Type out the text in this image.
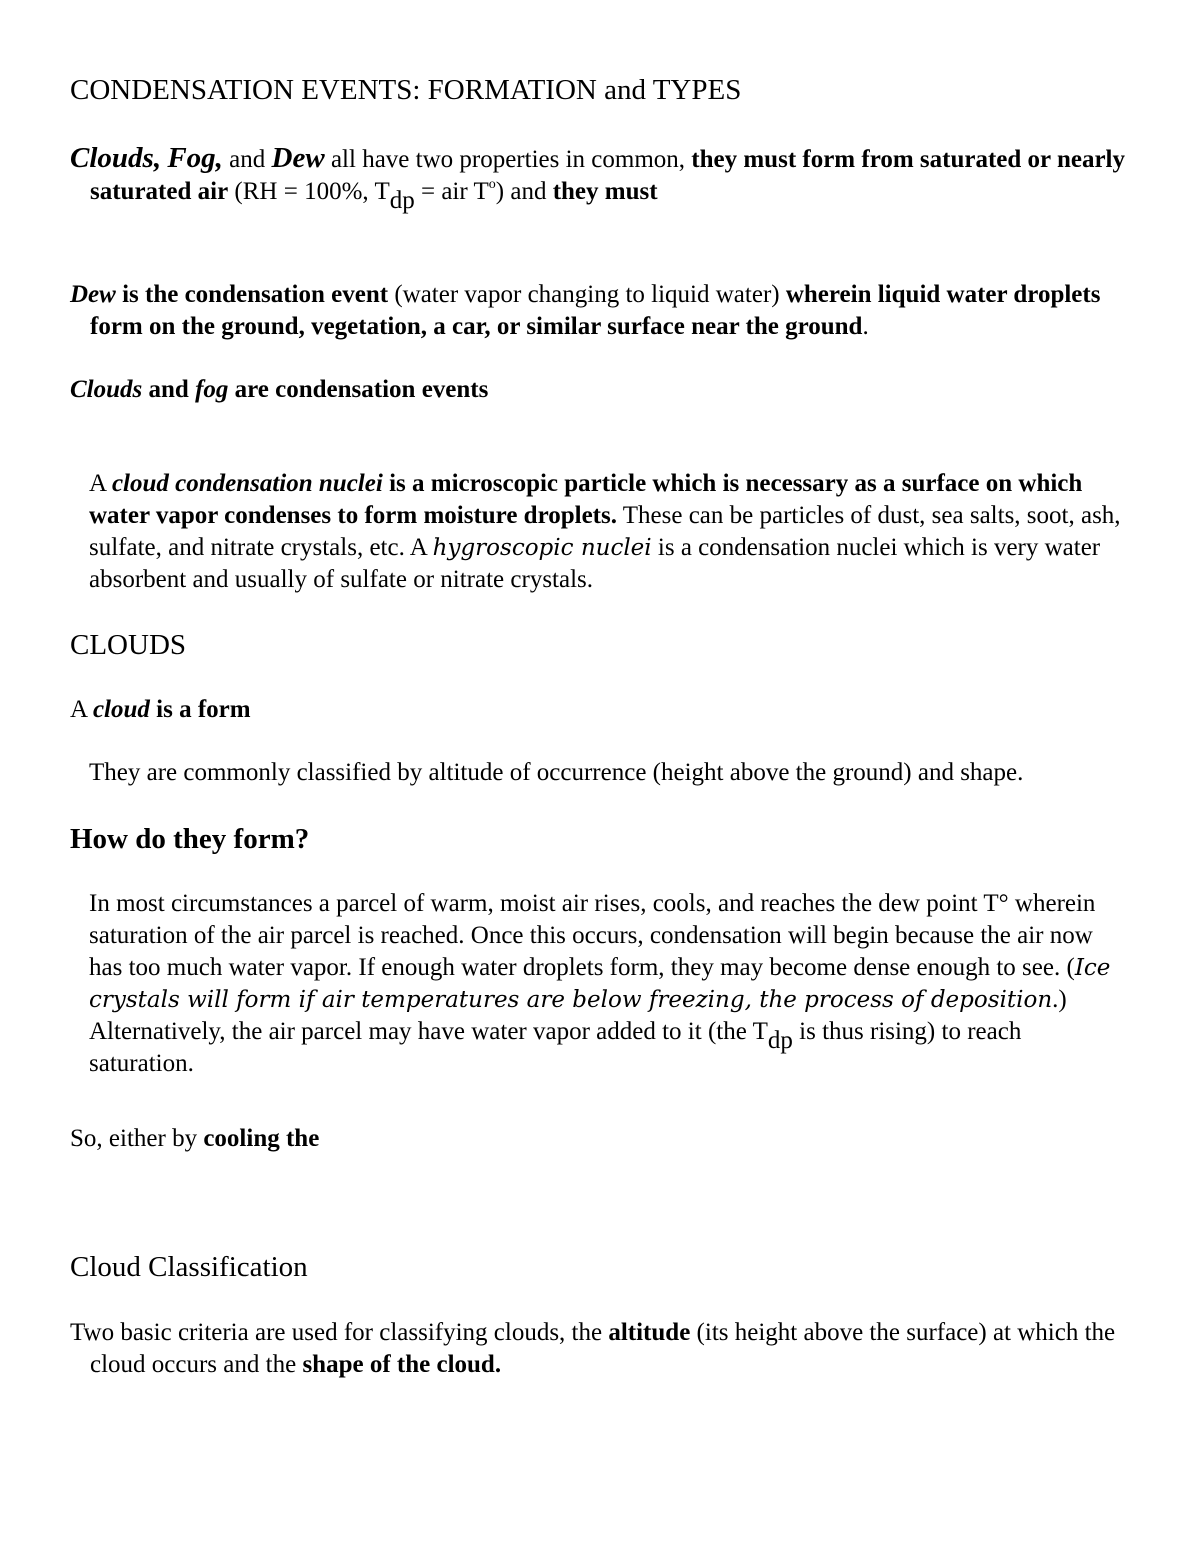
CONDENSATION EVENTS: FORMATION and TYPES

Clouds, Fog, and Dew all have two properties in common, they must form from saturated or nearly saturated air (RH = 100%, Tdp = air $T^o$) and they must

Dew is the condensation event (water vapor changing to liquid water) wherein liquid water droplets form on the ground, vegetation, a car, or similar surface near the ground.

Clouds and fog are condensation events

A cloud condensation nuclei is a microscopic particle which is necessary as a surface on which water vapor condenses to form moisture droplets. These can be particles of dust, sea salts, soot, ash, sulfate, and nitrate crystals, etc. A hygroscopic nuclei is a condensation nuclei which is very water absorbent and usually of sulfate or nitrate crystals.

CLOUDS

A cloud is a form

They are commonly classified by altitude of occurrence (height above the ground) and shape.

How do they form?

In most circumstances a parcel of warm, moist air rises, cools, and reaches the dew point T° wherein saturation of the air parcel is reached. Once this occurs, condensation will begin because the air now has too much water vapor. If enough water droplets form, they may become dense enough to see. (Ice crystals will form if air temperatures are below freezing, the process of deposition.) Alternatively, the air parcel may have water vapor added to it (the Tdp is thus rising) to reach saturation.

So, either by cooling the

Cloud Classification

Two basic criteria are used for classifying clouds, the altitude (its height above the surface) at which the cloud occurs and the shape of the cloud.
